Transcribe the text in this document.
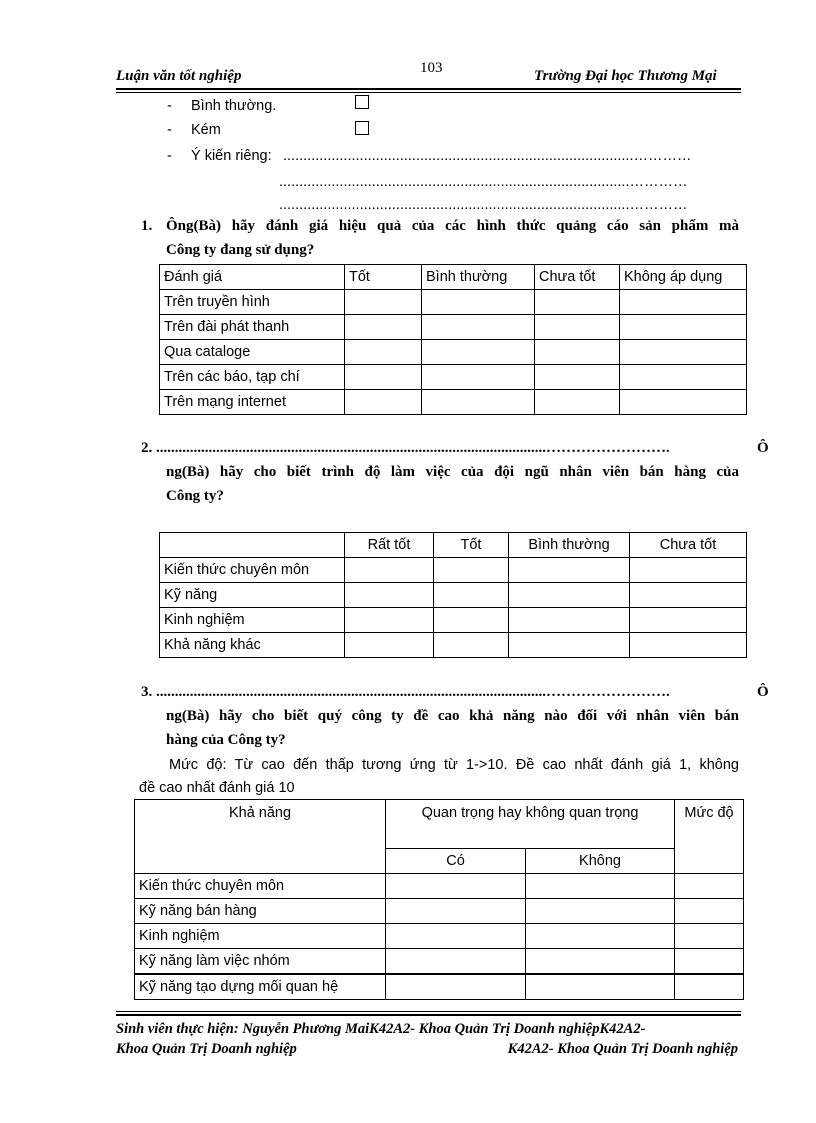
103
Luận văn tốt nghiệp	Trường Đại học Thương Mại
- Bình thường.
- Kém
- Ý kiến riêng: .......................................................................................…………
.......................................................................................…………
.......................................................................................…………
1. Ông(Bà) hãy đánh giá hiệu quả của các hình thức quảng cáo sản phẩm mà
Công ty đang sử dụng?
Đánh giá	Tốt	Bình thường	Chưa tốt	Không áp dụng
Trên truyền hình				
Trên đài phát thanh				
Qua cataloge				
Trên các báo, tạp chí				
Trên mạng internet				
2. ........................................................................................................…………………….	Ô
ng(Bà) hãy cho biết trình độ làm việc của đội ngũ nhân viên bán hàng của
Công ty?
	Rất tốt	Tốt	Bình thường	Chưa tốt
Kiến thức chuyên môn				
Kỹ năng				
Kinh nghiệm				
Khả năng khác				
3. ........................................................................................................…………………….	Ô
ng(Bà) hãy cho biết quý công ty đề cao khả năng nào đối với nhân viên bán
hàng của Công ty?
Mức độ: Từ cao đến thấp tương ứng từ 1->10. Đề cao nhất đánh giá 1, không
đề cao nhất đánh giá 10
Khả năng	Quan trọng hay không quan trọng		Mức độ
	Có	Không	
Kiến thức chuyên môn			
Kỹ năng bán hàng			
Kinh nghiệm			
Kỹ năng làm việc nhóm			
Kỹ năng tạo dựng mối quan hệ			
Sinh viên thực hiện: Nguyễn Phương MaiK42A2- Khoa Quản Trị Doanh nghiệpK42A2-
Khoa Quản Trị Doanh nghiệp	K42A2- Khoa Quản Trị Doanh nghiệp
